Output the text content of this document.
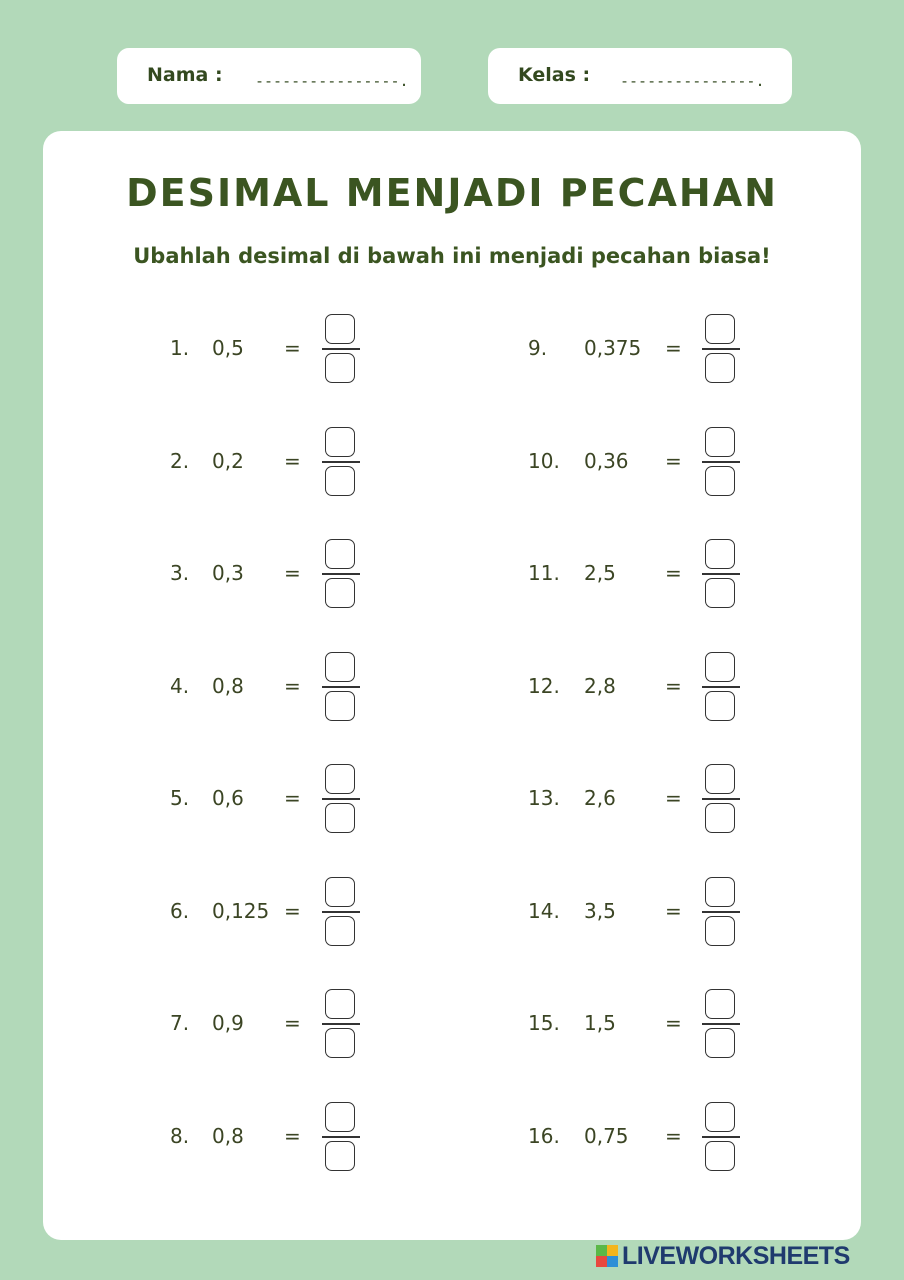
Nama : ----------------.	Kelas : ---------------.
DESIMAL MENJADI PECAHAN
Ubahlah desimal di bawah ini menjadi pecahan biasa!
1. 0,5 =
2. 0,2 =
3. 0,3 =
4. 0,8 =
5. 0,6 =
6. 0,125 =
7. 0,9 =
8. 0,8 =
9. 0,375 =
10. 0,36 =
11. 2,5 =
12. 2,8 =
13. 2,6 =
14. 3,5 =
15. 1,5 =
16. 0,75 =
LIVEWORKSHEETS
